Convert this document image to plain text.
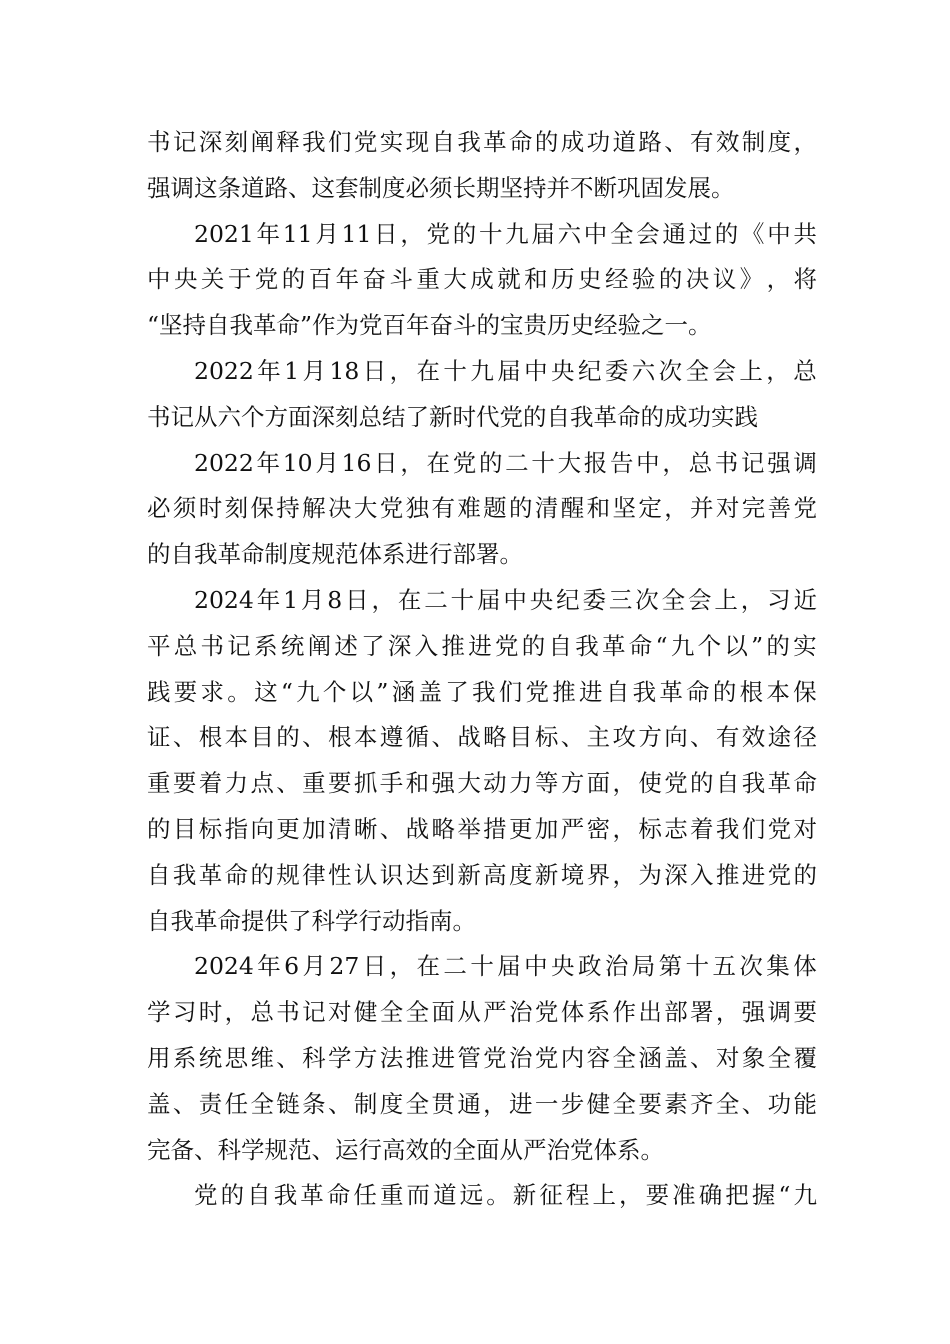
书 记 深 刻 阐 释 我 们 党 实 现 自 我 革 命 的 成 功 道 路 、 有 效 制 度 ，
强调这条道路、这套制度必须长期坚持并不断巩固发展。
2021 年 11 月 11 日 ， 党 的 十 九 届 六 中 全 会 通 过 的 《 中 共
中 央 关 于 党 的 百 年 奋 斗 重 大 成 就 和 历 史 经 验 的 决 议 》 ， 将
“坚持自我革命”作为党百年奋斗的宝贵历史经验之一。
2022 年 1 月 18 日 ， 在 十 九 届 中 央 纪 委 六 次 全 会 上 ， 总
书记从六个方面深刻总结了新时代党的自我革命的成功实践
2022 年 10 月 16 日 ， 在 党 的 二 十 大 报 告 中 ， 总 书 记 强 调
必 须 时 刻 保 持 解 决 大 党 独 有 难 题 的 清 醒 和 坚 定 ， 并 对 完 善 党
的自我革命制度规范体系进行部署。
2024 年 1 月 8 日 ， 在 二 十 届 中 央 纪 委 三 次 全 会 上 ， 习 近
平 总 书 记 系 统 阐 述 了 深 入 推 进 党 的 自 我 革 命 “ 九 个 以 ” 的 实
践 要 求 。 这 “ 九 个 以 ” 涵 盖 了 我 们 党 推 进 自 我 革 命 的 根 本 保
证 、 根 本 目 的 、 根 本 遵 循 、 战 略 目 标 、 主 攻 方 向 、 有 效 途 径
重 要 着 力 点 、 重 要 抓 手 和 强 大 动 力 等 方 面 ， 使 党 的 自 我 革 命
的 目 标 指 向 更 加 清 晰 、 战 略 举 措 更 加 严 密 ， 标 志 着 我 们 党 对
自 我 革 命 的 规 律 性 认 识 达 到 新 高 度 新 境 界 ， 为 深 入 推 进 党 的
自我革命提供了科学行动指南。
2024 年 6 月 27 日 ， 在 二 十 届 中 央 政 治 局 第 十 五 次 集 体
学 习 时 ， 总 书 记 对 健 全 全 面 从 严 治 党 体 系 作 出 部 署 ， 强 调 要
用 系 统 思 维 、 科 学 方 法 推 进 管 党 治 党 内 容 全 涵 盖 、 对 象 全 覆
盖 、 责 任 全 链 条 、 制 度 全 贯 通 ， 进 一 步 健 全 要 素 齐 全 、 功 能
完备、科学规范、运行高效的全面从严治党体系。
党 的 自 我 革 命 任 重 而 道 远 。 新 征 程 上 ， 要 准 确 把 握 “ 九
